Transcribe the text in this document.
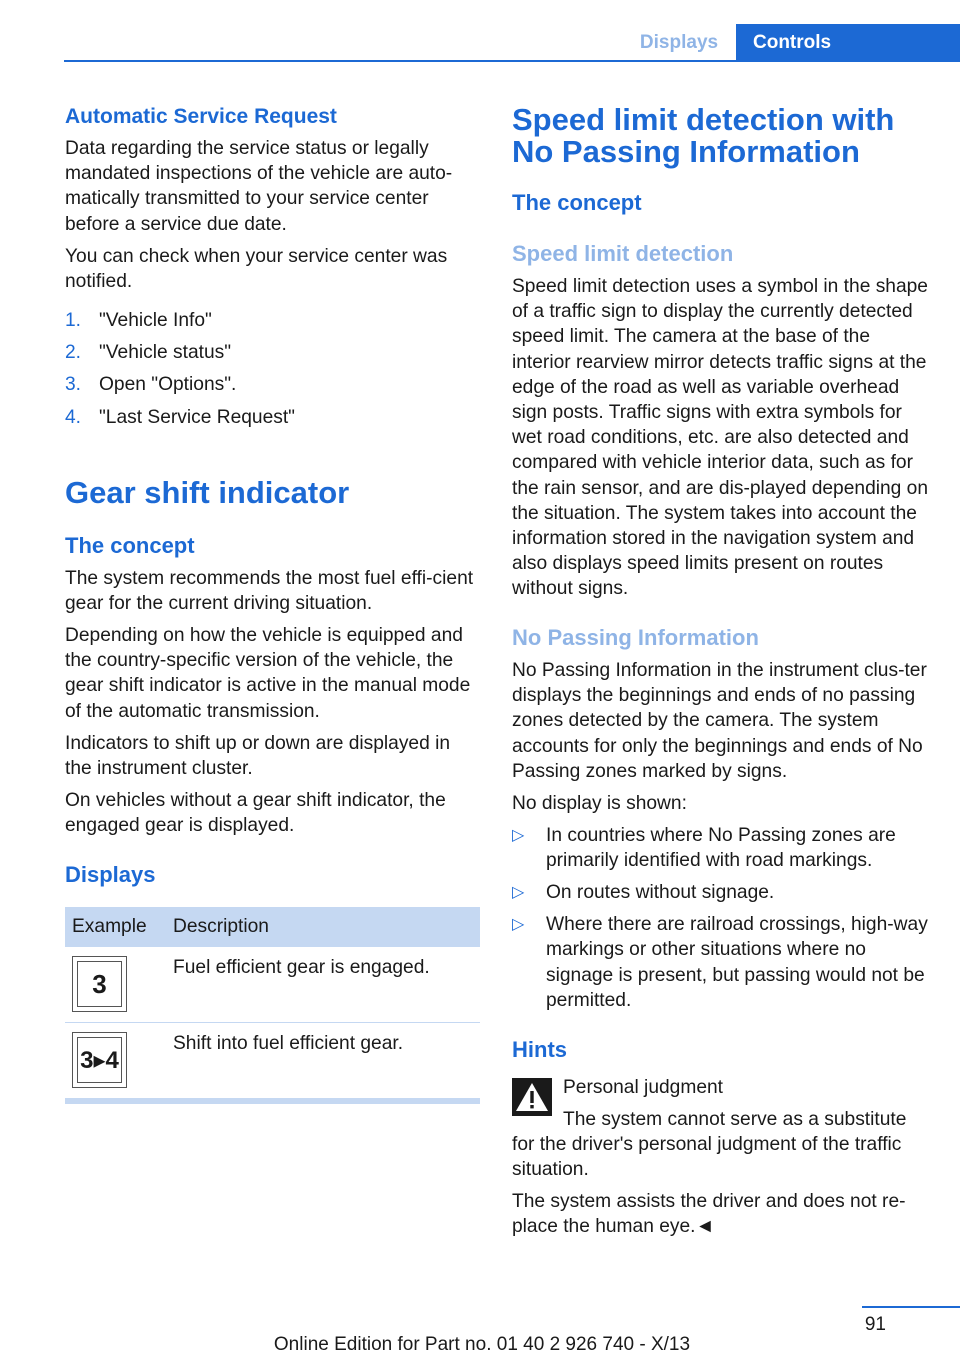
Displays	Controls
Automatic Service Request

Data regarding the service status or legally mandated inspections of the vehicle are auto-matically transmitted to your service center before a service due date.

You can check when your service center was notified.

1. "Vehicle Info"
2. "Vehicle status"
3. Open "Options".
4. "Last Service Request"
Gear shift indicator
The concept

The system recommends the most fuel effi-cient gear for the current driving situation.

Depending on how the vehicle is equipped and the country-specific version of the vehicle, the gear shift indicator is active in the manual mode of the automatic transmission.

Indicators to shift up or down are displayed in the instrument cluster.

On vehicles without a gear shift indicator, the engaged gear is displayed.

Displays
Example Description
3
Fuel efficient gear is engaged.
3▸4
Shift into fuel efficient gear.
Speed limit detection with No Passing Information
The concept
Speed limit detection

Speed limit detection uses a symbol in the shape of a traffic sign to display the currently detected speed limit. The camera at the base of the interior rearview mirror detects traffic signs at the edge of the road as well as variable overhead sign posts. Traffic signs with extra symbols for wet road conditions, etc. are also detected and compared with vehicle interior data, such as for the rain sensor, and are dis-played depending on the situation. The system takes into account the information stored in the navigation system and also displays speed limits present on routes without signs.

No Passing Information

No Passing Information in the instrument clus-ter displays the beginnings and ends of no passing zones detected by the camera. The system accounts for only the beginnings and ends of No Passing zones marked by signs.

No display is shown:

▷ In countries where No Passing zones are primarily identified with road markings.
▷ On routes without signage.
▷ Where there are railroad crossings, high-way markings or other situations where no signage is present, but passing would not be permitted.
Hints

Personal judgment

The system cannot serve as a substitute for the driver's personal judgment of the traffic situation.

The system assists the driver and does not re-place the human eye.◄

91
Online Edition for Part no. 01 40 2 926 740 - X/13
